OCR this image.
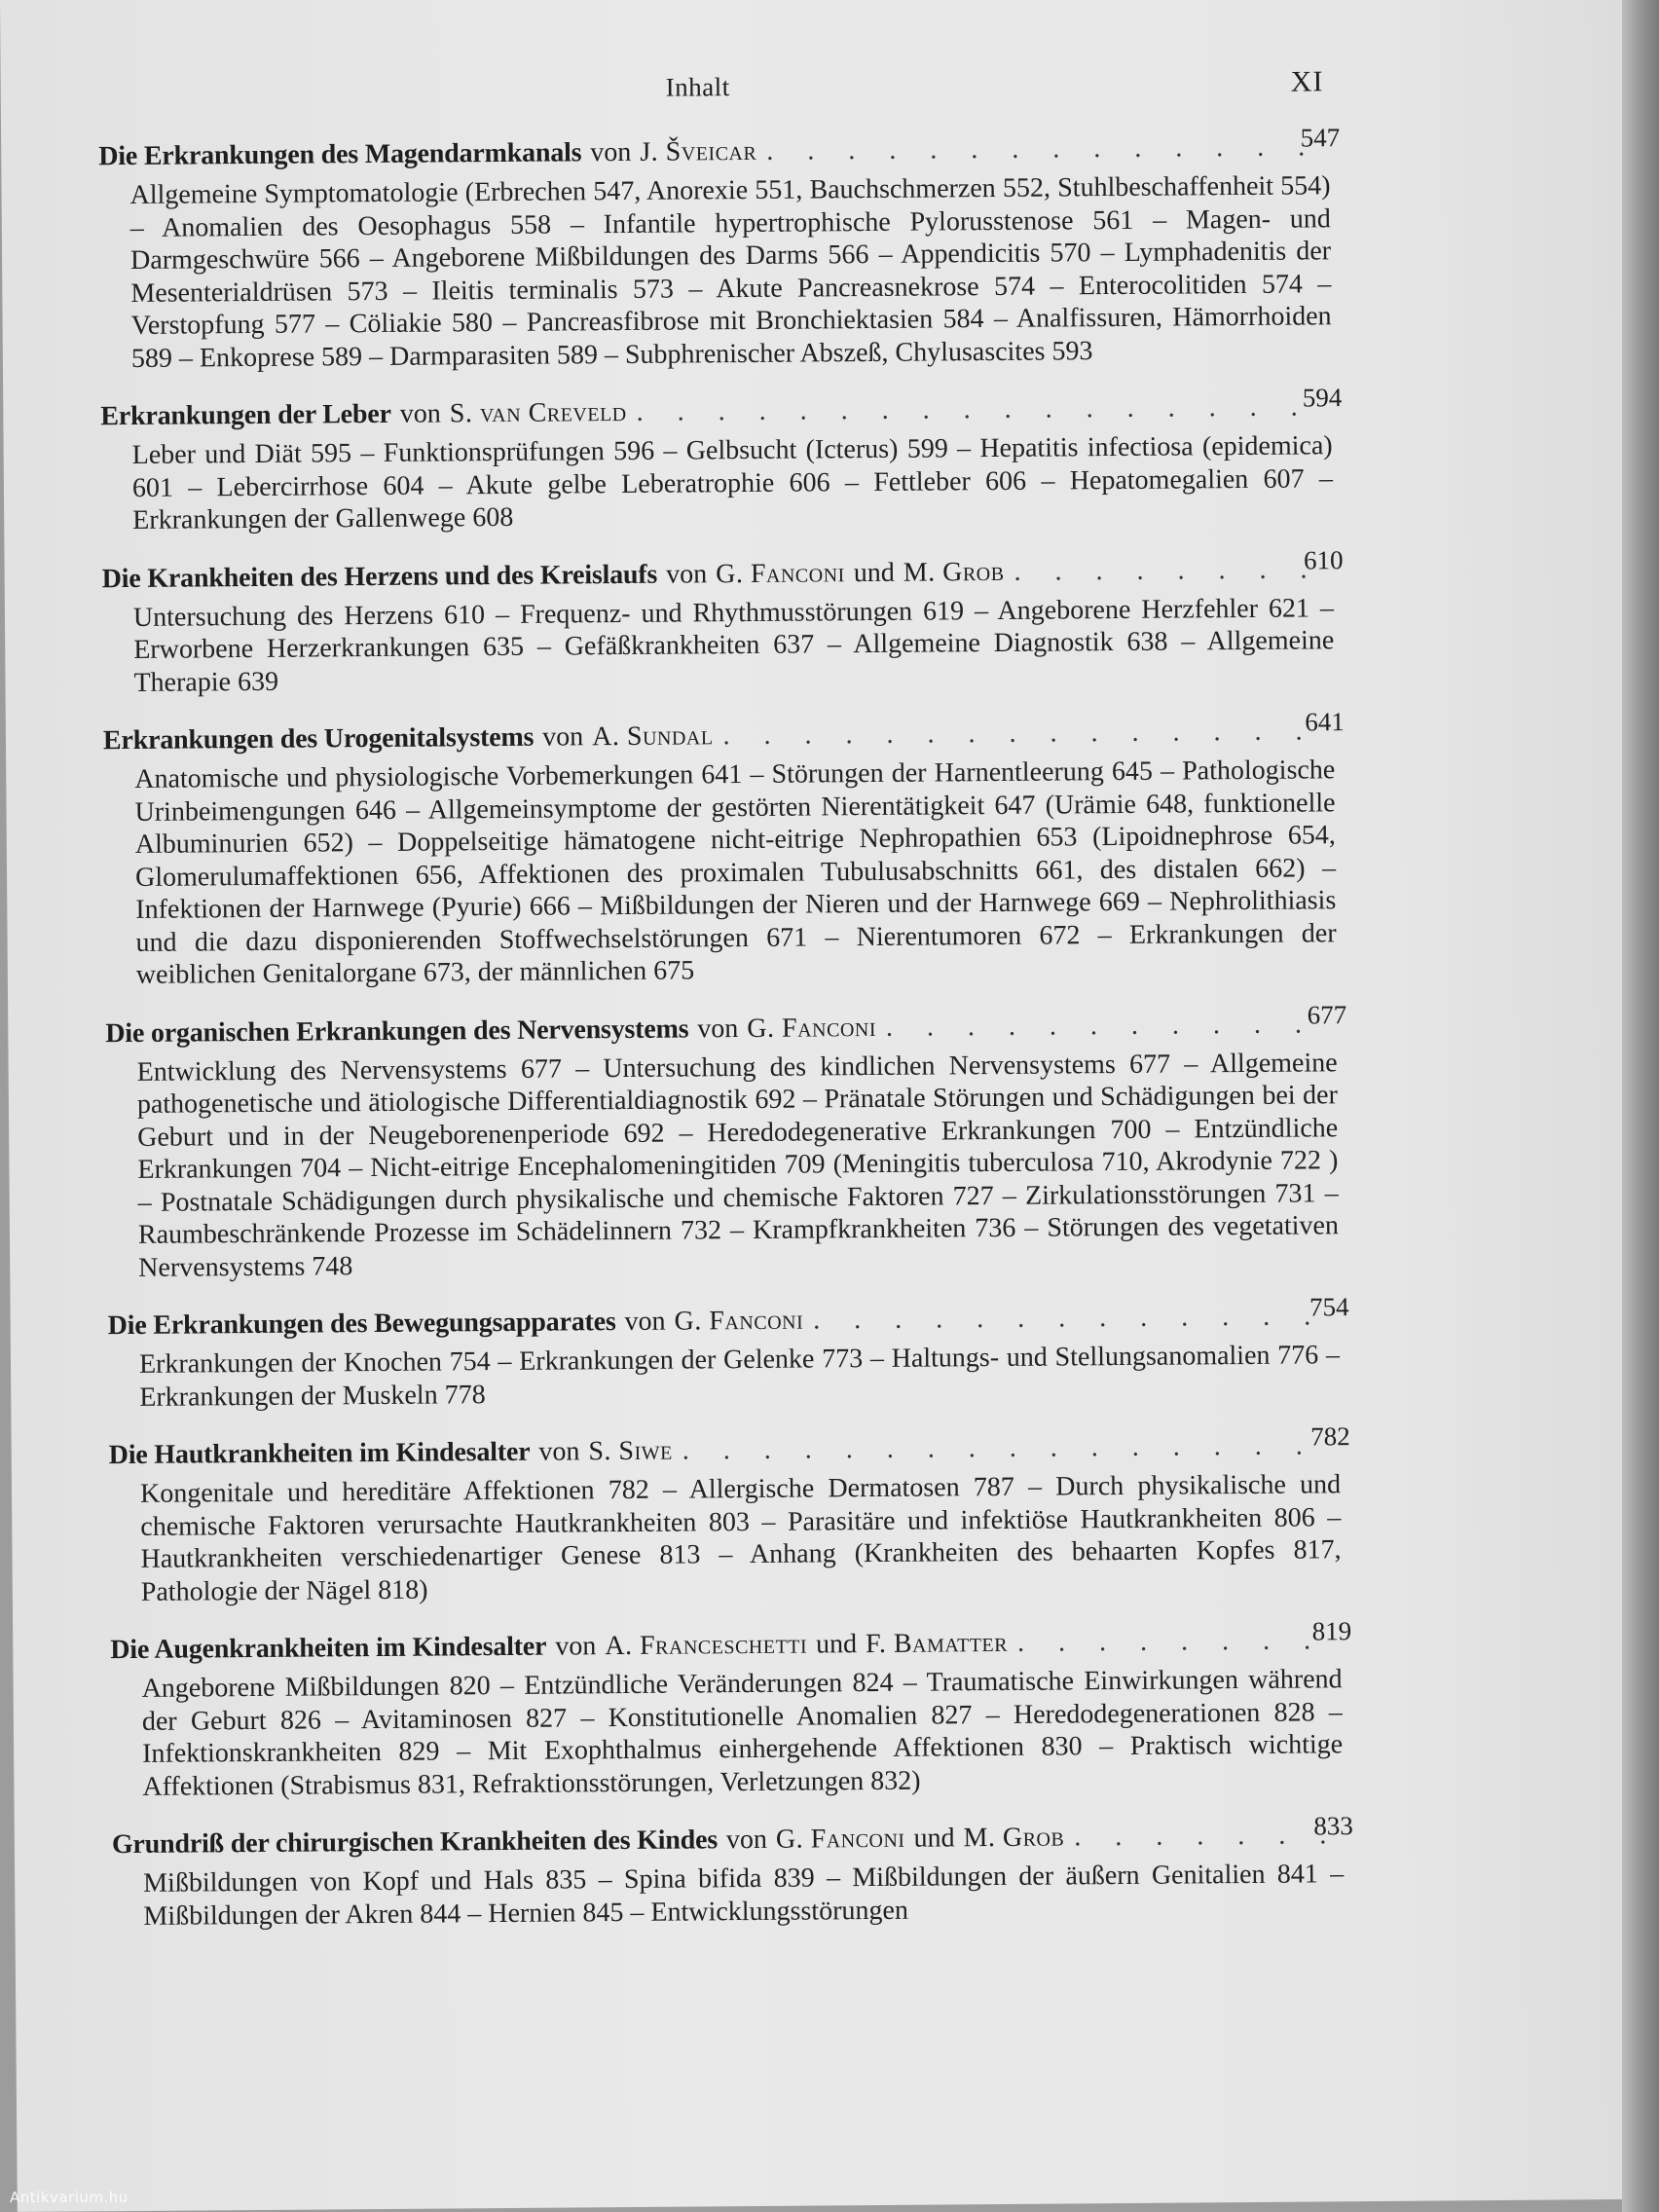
Inhalt	XI
Die Erkrankungen des Magendarmkanals von J. Šveicar . . .	547
Allgemeine Symptomatologie (Erbrechen 547, Anorexie 551, Bauchschmerzen 552, Stuhlbeschaffenheit 554) – Anomalien des Oesophagus 558 – Infantile hypertrophische Pylorusstenose 561 – Magen- und Darmgeschwüre 566 – Angeborene Mißbildungen des Darms 566 – Appendicitis 570 – Lymphadenitis der Mesenterialdrüsen 573 – Ileitis terminalis 573 – Akute Pancreasnekrose 574 – Enterocolitiden 574 – Verstopfung 577 – Cöliakie 580 – Pancreasfibrose mit Bronchiektasien 584 – Analfissuren, Hämorrhoiden 589 – Enkoprese 589 – Darmparasiten 589 – Subphrenischer Abszeß, Chylusascites 593
Erkrankungen der Leber von S. van Creveld . . .	594
Leber und Diät 595 – Funktionsprüfungen 596 – Gelbsucht (Icterus) 599 – Hepatitis infectiosa (epidemica) 601 – Lebercirrhose 604 – Akute gelbe Leberatrophie 606 – Fettleber 606 – Hepatomegalien 607 – Erkrankungen der Gallenwege 608
Die Krankheiten des Herzens und des Kreislaufs von G. Fanconi und M. Grob . . .	610
Untersuchung des Herzens 610 – Frequenz- und Rhythmusstörungen 619 – Angeborene Herzfehler 621 – Erworbene Herzerkrankungen 635 – Gefäßkrankheiten 637 – Allgemeine Diagnostik 638 – Allgemeine Therapie 639
Erkrankungen des Urogenitalsystems von A. Sundal . . .	641
Anatomische und physiologische Vorbemerkungen 641 – Störungen der Harnentleerung 645 – Pathologische Urinbeimengungen 646 – Allgemeinsymptome der gestörten Nierentätigkeit 647 (Urämie 648, funktionelle Albuminurien 652) – Doppelseitige hämatogene nicht-eitrige Nephropathien 653 (Lipoidnephrose 654, Glomerulumaffektionen 656, Affektionen des proximalen Tubulusabschnitts 661, des distalen 662) – Infektionen der Harnwege (Pyurie) 666 – Mißbildungen der Nieren und der Harnwege 669 – Nephrolithiasis und die dazu disponierenden Stoffwechselstörungen 671 – Nierentumoren 672 – Erkrankungen der weiblichen Genitalorgane 673, der männlichen 675
Die organischen Erkrankungen des Nervensystems von G. Fanconi . . .	677
Entwicklung des Nervensystems 677 – Untersuchung des kindlichen Nervensystems 677 – Allgemeine pathogenetische und ätiologische Differentialdiagnostik 692 – Pränatale Störungen und Schädigungen bei der Geburt und in der Neugeborenenperiode 692 – Heredodegenerative Erkrankungen 700 – Entzündliche Erkrankungen 704 – Nicht-eitrige Encephalomeningitiden 709 (Meningitis tuberculosa 710, Akrodynie 722 ) – Postnatale Schädigungen durch physikalische und chemische Faktoren 727 – Zirkulationsstörungen 731 – Raumbeschränkende Prozesse im Schädelinnern 732 – Krampfkrankheiten 736 – Störungen des vegetativen Nervensystems 748
Die Erkrankungen des Bewegungsapparates von G. Fanconi . . .	754
Erkrankungen der Knochen 754 – Erkrankungen der Gelenke 773 – Haltungs- und Stellungsanomalien 776 – Erkrankungen der Muskeln 778
Die Hautkrankheiten im Kindesalter von S. Siwe . . .	782
Kongenitale und hereditäre Affektionen 782 – Allergische Dermatosen 787 – Durch physikalische und chemische Faktoren verursachte Hautkrankheiten 803 – Parasitäre und infektiöse Hautkrankheiten 806 – Hautkrankheiten verschiedenartiger Genese 813 – Anhang (Krankheiten des behaarten Kopfes 817, Pathologie der Nägel 818)
Die Augenkrankheiten im Kindesalter von A. Franceschetti und F. Bamatter . . .	819
Angeborene Mißbildungen 820 – Entzündliche Veränderungen 824 – Traumatische Einwirkungen während der Geburt 826 – Avitaminosen 827 – Konstitutionelle Anomalien 827 – Heredodegenerationen 828 – Infektionskrankheiten 829 – Mit Exophthalmus einhergehende Affektionen 830 – Praktisch wichtige Affektionen (Strabismus 831, Refraktionsstörungen, Verletzungen 832)
Grundriß der chirurgischen Krankheiten des Kindes von G. Fanconi und M. Grob . . .	833
Mißbildungen von Kopf und Hals 835 – Spina bifida 839 – Mißbildungen der äußern Genitalien 841 – Mißbildungen der Akren 844 – Hernien 845 – Entwicklungsstörungen
Antikvarium.hu
